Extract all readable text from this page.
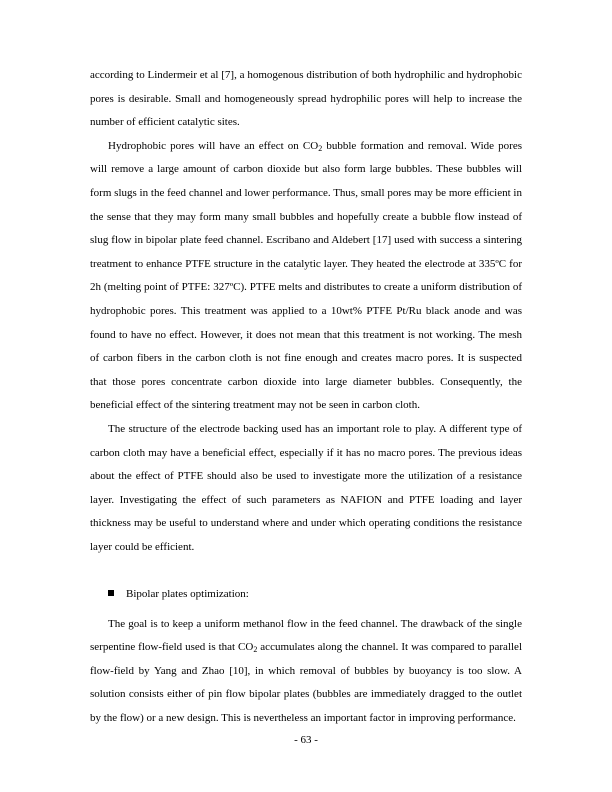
according to Lindermeir et al [7], a homogenous distribution of both hydrophilic and hydrophobic pores is desirable. Small and homogeneously spread hydrophilic pores will help to increase the number of efficient catalytic sites.

Hydrophobic pores will have an effect on $CO_2$ bubble formation and removal. Wide pores will remove a large amount of carbon dioxide but also form large bubbles. These bubbles will form slugs in the feed channel and lower performance. Thus, small pores may be more efficient in the sense that they may form many small bubbles and hopefully create a bubble flow instead of slug flow in bipolar plate feed channel. Escribano and Aldebert [17] used with success a sintering treatment to enhance PTFE structure in the catalytic layer. They heated the electrode at 335ºC for 2h (melting point of PTFE: 327ºC). PTFE melts and distributes to create a uniform distribution of hydrophobic pores. This treatment was applied to a 10wt% PTFE Pt/Ru black anode and was found to have no effect. However, it does not mean that this treatment is not working. The mesh of carbon fibers in the carbon cloth is not fine enough and creates macro pores. It is suspected that those pores concentrate carbon dioxide into large diameter bubbles. Consequently, the beneficial effect of the sintering treatment may not be seen in carbon cloth.

The structure of the electrode backing used has an important role to play. A different type of carbon cloth may have a beneficial effect, especially if it has no macro pores. The previous ideas about the effect of PTFE should also be used to investigate more the utilization of a resistance layer. Investigating the effect of such parameters as NAFION and PTFE loading and layer thickness may be useful to understand where and under which operating conditions the resistance layer could be efficient.

Bipolar plates optimization:

The goal is to keep a uniform methanol flow in the feed channel. The drawback of the single serpentine flow-field used is that $CO_2$ accumulates along the channel. It was compared to parallel flow-field by Yang and Zhao [10], in which removal of bubbles by buoyancy is too slow. A solution consists either of pin flow bipolar plates (bubbles are immediately dragged to the outlet by the flow) or a new design. This is nevertheless an important factor in improving performance.

- 63 -
